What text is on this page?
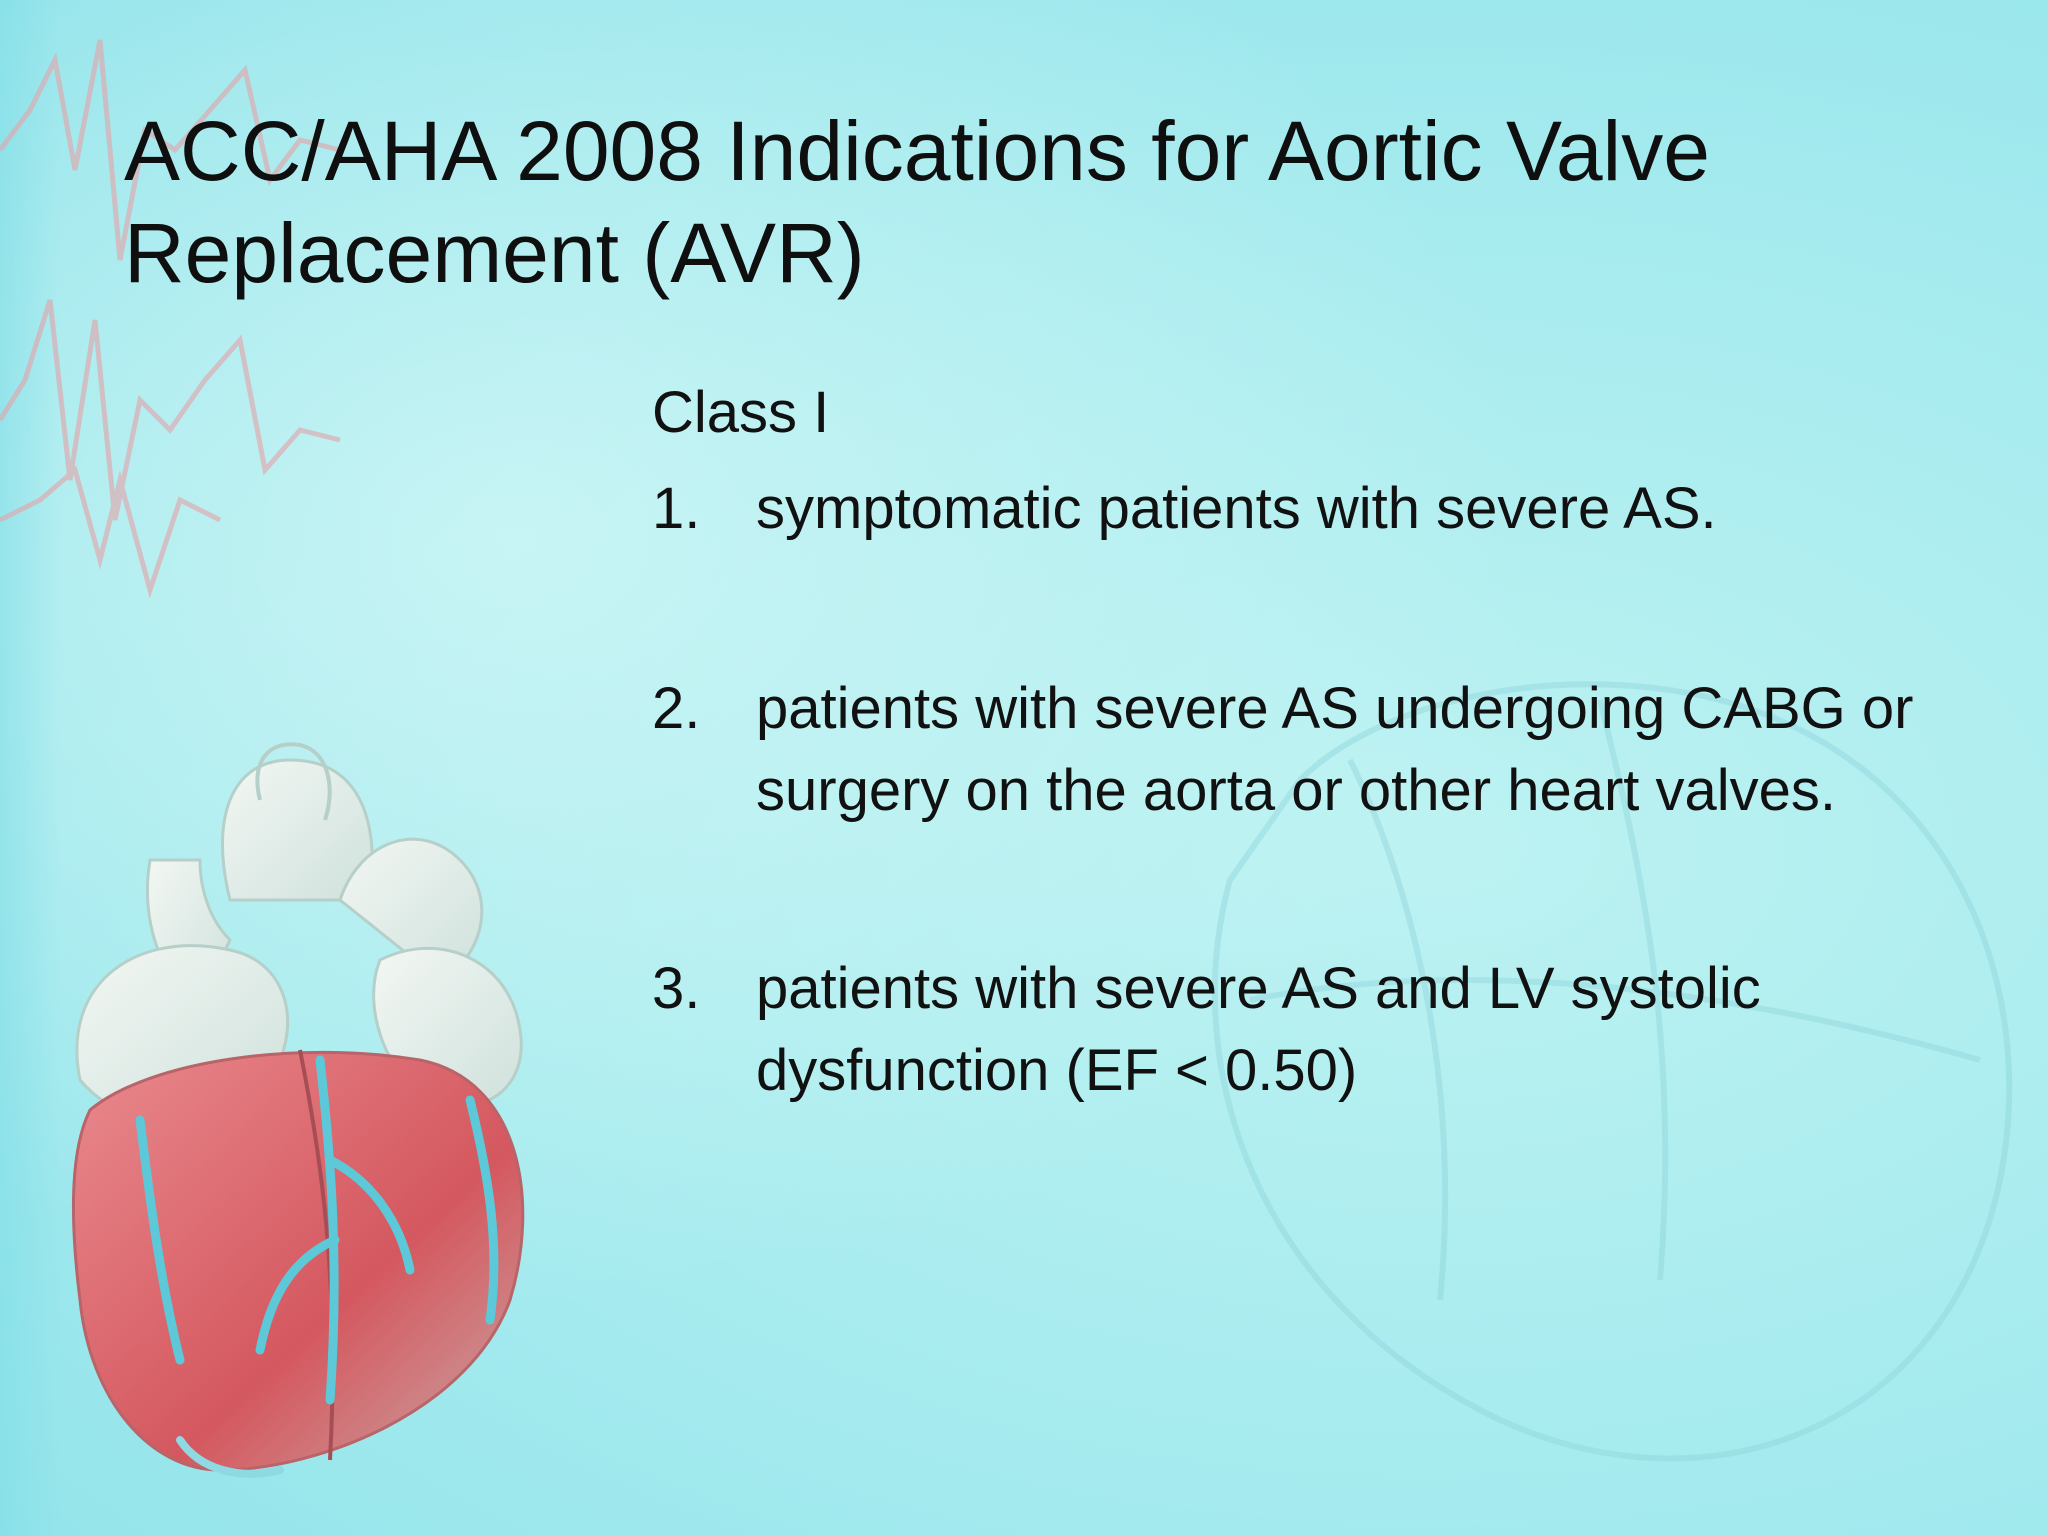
ACC/AHA 2008 Indications for Aortic Valve Replacement (AVR)

Class I

1. symptomatic patients with severe AS.
2. patients with severe AS undergoing CABG or surgery on the aorta or other heart valves.
3. patients with severe AS and LV systolic dysfunction (EF < 0.50)
